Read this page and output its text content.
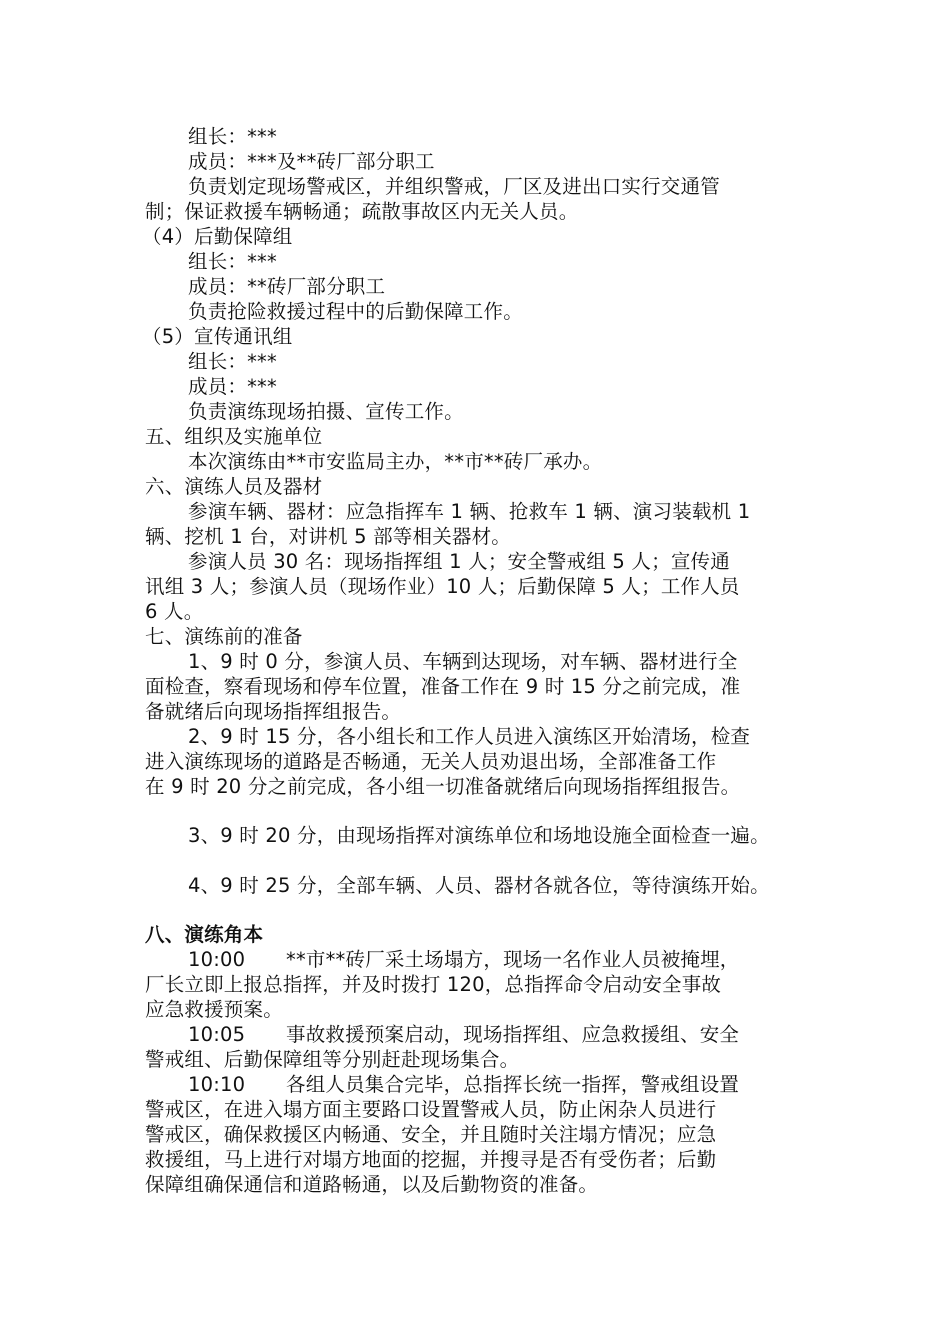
组长：***
成员：***及**砖厂部分职工
负责划定现场警戒区，并组织警戒，厂区及进出口实行交通管
制；保证救援车辆畅通；疏散事故区内无关人员。
（4）后勤保障组
组长：***
成员：**砖厂部分职工
负责抢险救援过程中的后勤保障工作。
（5）宣传通讯组
组长：***
成员：***
负责演练现场拍摄、宣传工作。
五、组织及实施单位
本次演练由**市安监局主办，**市**砖厂承办。
六、演练人员及器材
参演车辆、器材：应急指挥车 1 辆、抢救车 1 辆、演习装载机 1
辆、挖机 1 台，对讲机 5 部等相关器材。
参演人员 30 名：现场指挥组 1 人；安全警戒组 5 人；宣传通
讯组 3 人；参演人员（现场作业）10 人；后勤保障 5 人；工作人员
6 人。
七、演练前的准备
1、9 时 0 分，参演人员、车辆到达现场，对车辆、器材进行全
面检查，察看现场和停车位置，准备工作在 9 时 15 分之前完成，准
备就绪后向现场指挥组报告。
2、9 时 15 分，各小组长和工作人员进入演练区开始清场，检查
进入演练现场的道路是否畅通，无关人员劝退出场，全部准备工作
在 9 时 20 分之前完成，各小组一切准备就绪后向现场指挥组报告。
3、9 时 20 分，由现场指挥对演练单位和场地设施全面检查一遍。
4、9 时 25 分，全部车辆、人员、器材各就各位，等待演练开始。
八、演练角本
10:00 **市**砖厂采土场塌方，现场一名作业人员被掩埋，
厂长立即上报总指挥，并及时拨打 120，总指挥命令启动安全事故
应急救援预案。
10:05 事故救援预案启动，现场指挥组、应急救援组、安全
警戒组、后勤保障组等分别赶赴现场集合。
10:10 各组人员集合完毕，总指挥长统一指挥，警戒组设置
警戒区，在进入塌方面主要路口设置警戒人员，防止闲杂人员进行
警戒区，确保救援区内畅通、安全，并且随时关注塌方情况；应急
救援组，马上进行对塌方地面的挖掘，并搜寻是否有受伤者；后勤
保障组确保通信和道路畅通，以及后勤物资的准备。
